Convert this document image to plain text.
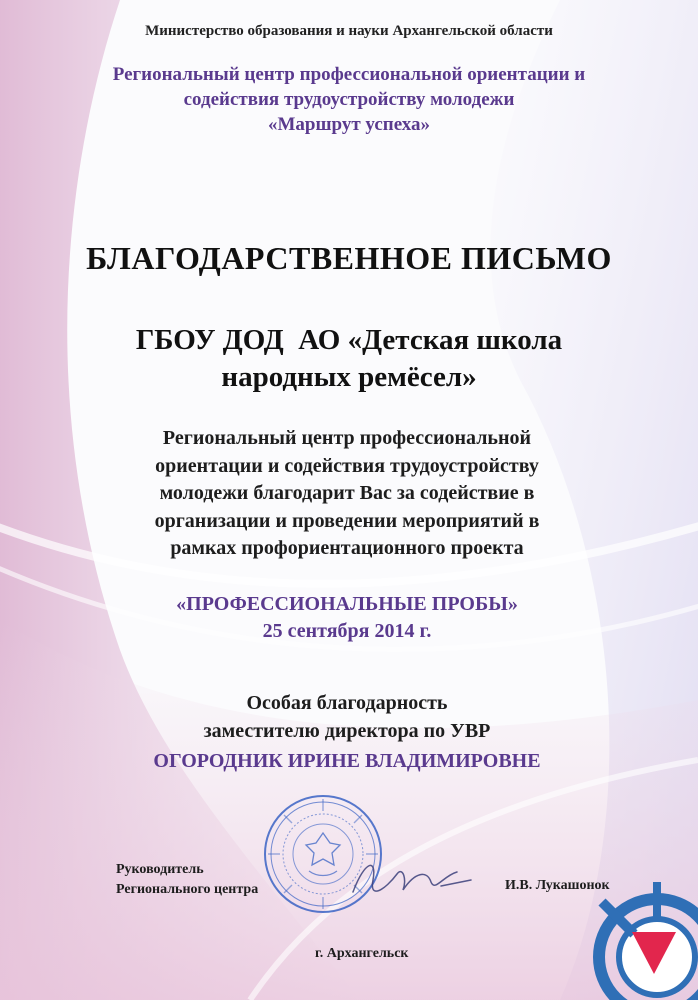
Министерство образования и науки Архангельской области
Региональный центр профессиональной ориентации и
содействия трудоустройству молодежи
«Маршрут успеха»
БЛАГОДАРСТВЕННОЕ ПИСЬМО
ГБОУ ДОД  АО «Детская школа
народных ремёсел»
Региональный центр профессиональной
ориентации и содействия трудоустройству
молодежи благодарит Вас за содействие в
организации и проведении мероприятий в
рамках профориентационного проекта
«ПРОФЕССИОНАЛЬНЫЕ ПРОБЫ»
25 сентября 2014 г.
Особая благодарность
заместителю директора по УВР
ОГОРОДНИК ИРИНЕ ВЛАДИМИРОВНЕ
Руководитель
Регионального центра	И.В. Лукашонок
г. Архангельск
